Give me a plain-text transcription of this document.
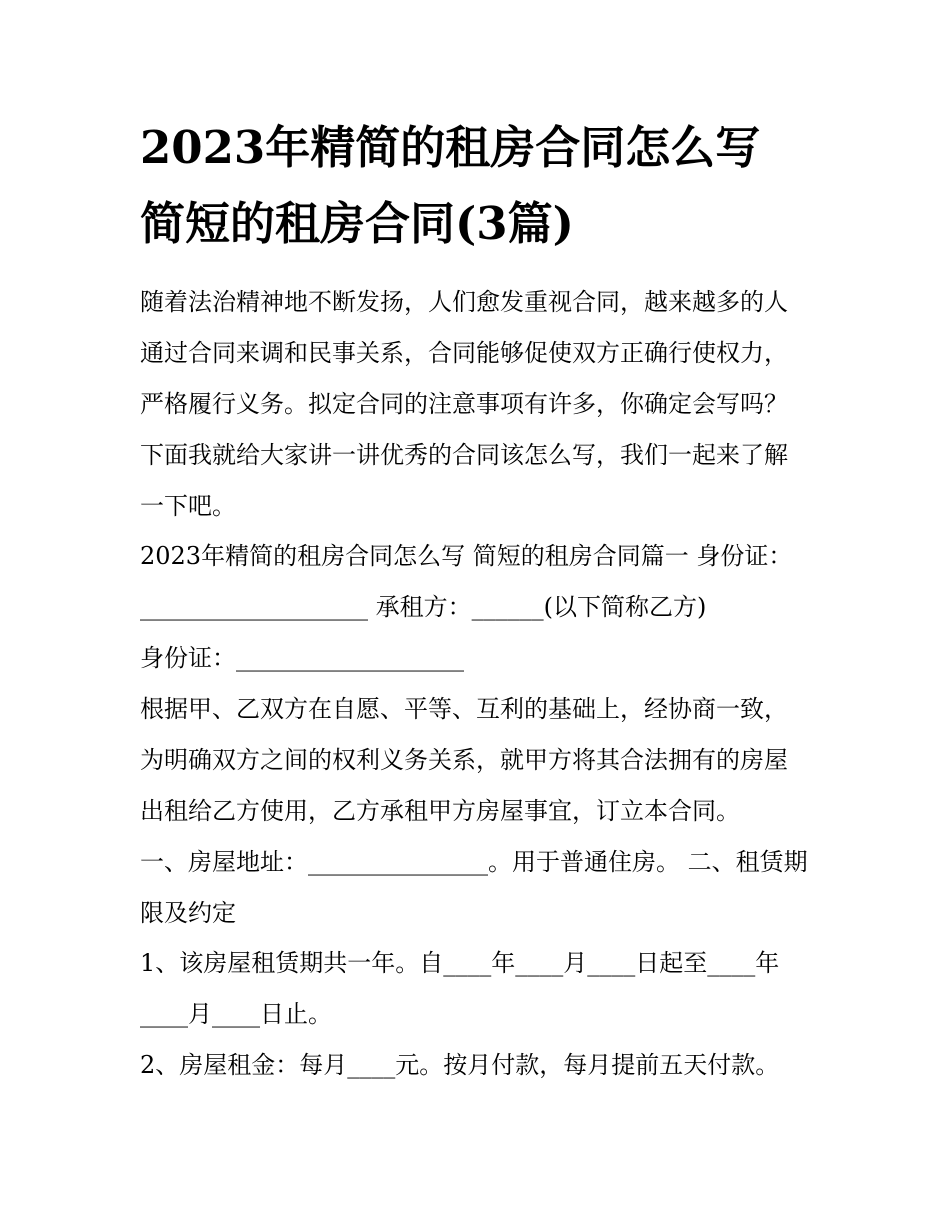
2023年精简的租房合同怎么写
简短的租房合同(3篇)

随着法治精神地不断发扬，人们愈发重视合同，越来越多的人

通过合同来调和民事关系，合同能够促使双方正确行使权力，

严格履行义务。拟定合同的注意事项有许多，你确定会写吗？

下面我就给大家讲一讲优秀的合同该怎么写，我们一起来了解

一下吧。

2023年精简的租房合同怎么写 简短的租房合同篇一 身份证：

___________________ 承租方：______(以下简称乙方)

身份证：___________________

根据甲、乙双方在自愿、平等、互利的基础上，经协商一致，

为明确双方之间的权利义务关系，就甲方将其合法拥有的房屋

出租给乙方使用，乙方承租甲方房屋事宜，订立本合同。

一、房屋地址：_______________。用于普通住房。 二、租赁期

限及约定

1、该房屋租赁期共一年。自____年____月____日起至____年

____月____日止。

2、房屋租金：每月____元。按月付款，每月提前五天付款。
